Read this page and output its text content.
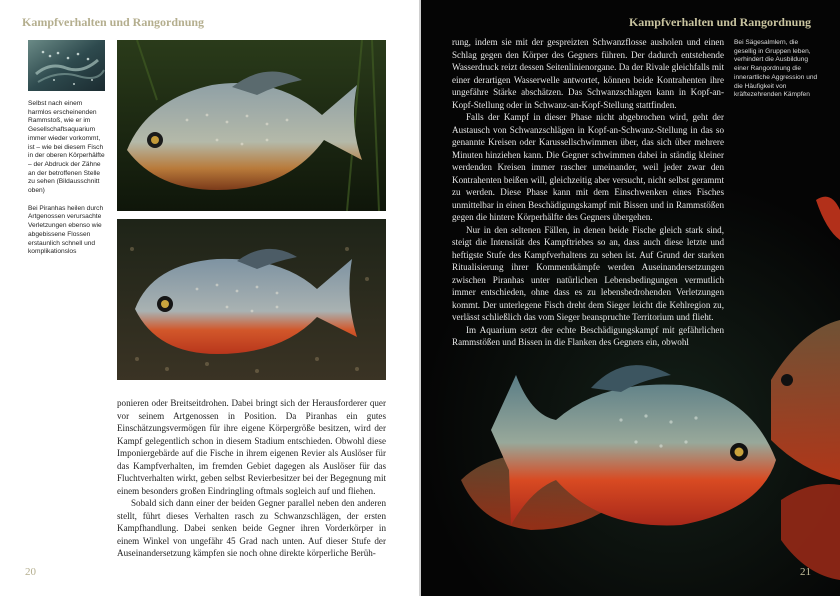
Kampfverhalten und Rangordnung

Selbst nach einem harmlos erscheinenden Rammstoß, wie er im Gesellschaftsaquarium immer wieder vorkommt, ist – wie bei diesem Fisch in der oberen Körperhälfte – der Abdruck der Zähne an der betroffenen Stelle zu sehen (Bildausschnitt oben)

Bei Piranhas heilen durch Artgenossen verursachte Verletzungen ebenso wie abgebissene Flossen erstaunlich schnell und komplikationslos

ponieren oder Breitseitdrohen. Dabei bringt sich der Herausforderer quer vor seinem Artgenossen in Position. Da Piranhas ein gutes Einschätzungsvermögen für ihre eigene Körpergröße besitzen, wird der Kampf gelegentlich schon in diesem Stadium entschieden. Obwohl diese Imponiergebärde auf die Fische in ihrem eigenen Revier als Auslöser für das Kampfverhalten, im fremden Gebiet dagegen als Auslöser für das Fluchtverhalten wirkt, geben selbst Revierbesitzer bei der Begegnung mit einem besonders großen Eindringling oftmals sogleich auf und fliehen.

Sobald sich dann einer der beiden Gegner parallel neben den anderen stellt, führt dieses Verhalten rasch zu Schwanzschlägen, der ersten Kampfhandlung. Dabei senken beide Gegner ihren Vorderkörper in einem Winkel von ungefähr 45 Grad nach unten. Auf dieser Stufe der Auseinandersetzung kämpfen sie noch ohne direkte körperliche Berüh-

20
Kampfverhalten und Rangordnung

rung, indem sie mit der gespreizten Schwanzflosse ausholen und einen Schlag gegen den Körper des Gegners führen. Der dadurch entstehende Wasserdruck reizt dessen Seitenlinienorgane. Da der Rivale gleichfalls mit einer derartigen Wasserwelle antwortet, können beide Kontrahenten ihre ungefähre Stärke abschätzen. Das Schwanzschlagen kann in Kopf-an-Kopf-Stellung oder in Schwanz-an-Kopf-Stellung stattfinden.

Falls der Kampf in dieser Phase nicht abgebrochen wird, geht der Austausch von Schwanzschlägen in Kopf-an-Schwanz-Stellung in das so genannte Kreisen oder Karussellschwimmen über, das sich über mehrere Minuten hinziehen kann. Die Gegner schwimmen dabei in ständig kleiner werdenden Kreisen immer rascher umeinander, weil jeder zwar den Kontrahenten beißen will, gleichzeitig aber versucht, nicht selbst gerammt zu werden. Diese Phase kann mit dem Einschwenken eines Fisches unmittelbar in einen Beschädigungskampf mit Bissen und in Rammstößen gegen die hintere Körperhälfte des Gegners übergehen.

Nur in den seltenen Fällen, in denen beide Fische gleich stark sind, steigt die Intensität des Kampftriebes so an, dass auch diese letzte und heftigste Stufe des Kampfverhaltens zu sehen ist. Auf Grund der starken Ritualisierung ihrer Kommentkämpfe werden Auseinandersetzungen zwischen Piranhas unter natürlichen Lebensbedingungen vermutlich immer entschieden, ohne dass es zu lebensbedrohenden Verletzungen kommt. Der unterlegene Fisch dreht dem Sieger leicht die Kehlregion zu, verlässt schließlich das vom Sieger beanspruchte Territorium und flieht.

Im Aquarium setzt der echte Beschädigungskampf mit gefährlichen Rammstößen und Bissen in die Flanken des Gegners ein, obwohl

Bei Sägesalmlern, die gesellig in Gruppen leben, verhindert die Ausbildung einer Rangordnung die innerartliche Aggression und die Häufigkeit von kräftezehrenden Kämpfen
21
